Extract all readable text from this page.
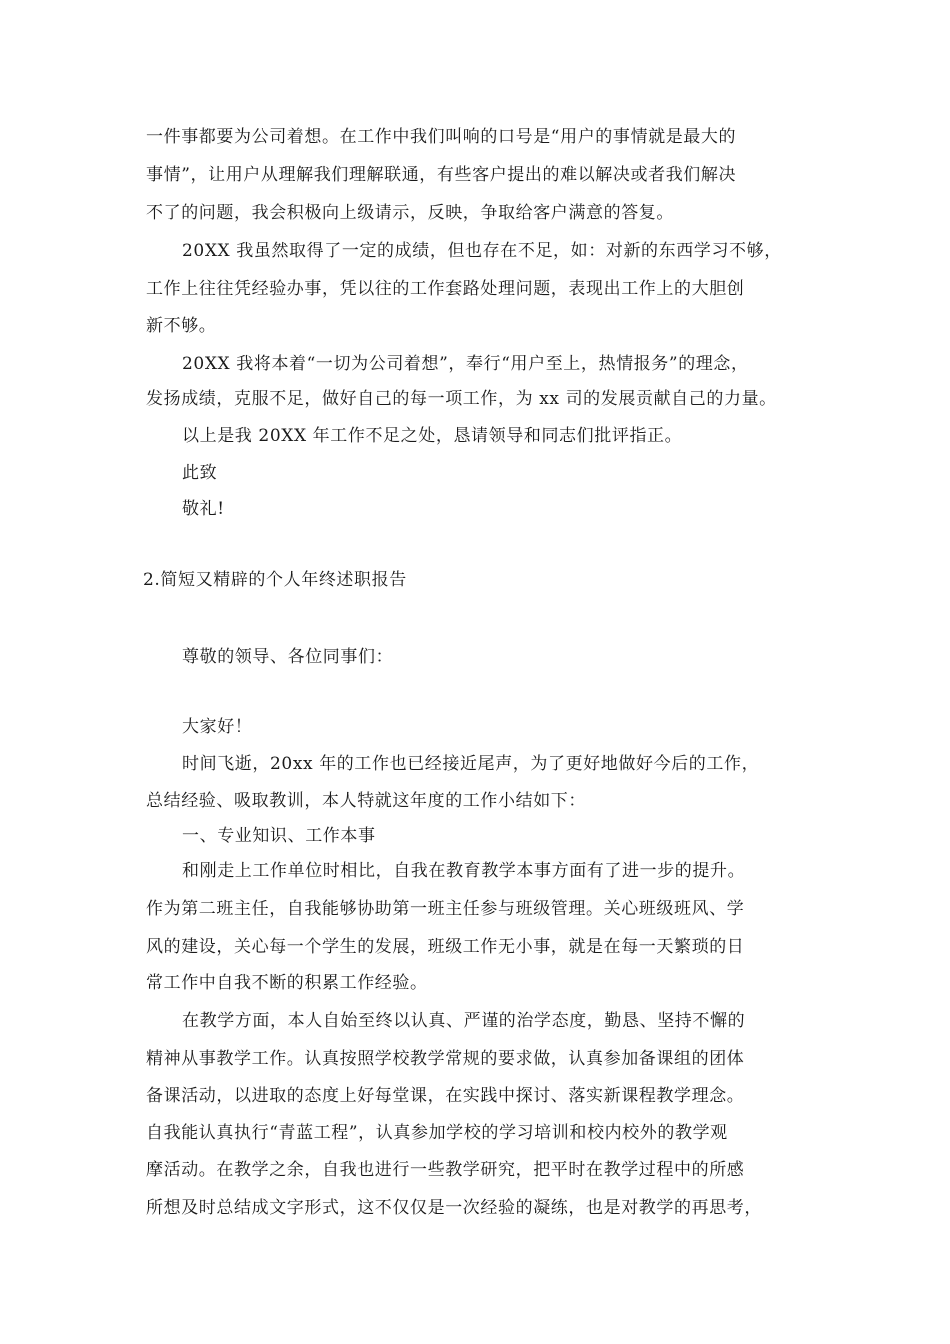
一件事都要为公司着想。在工作中我们叫响的口号是“用户的事情就是最大的
事情”，让用户从理解我们理解联通，有些客户提出的难以解决或者我们解决
不了的问题，我会积极向上级请示，反映，争取给客户满意的答复。
20XX 我虽然取得了一定的成绩，但也存在不足，如：对新的东西学习不够，
工作上往往凭经验办事，凭以往的工作套路处理问题，表现出工作上的大胆创
新不够。
20XX 我将本着“一切为公司着想”，奉行“用户至上，热情报务”的理念，
发扬成绩，克服不足，做好自己的每一项工作，为 xx 司的发展贡献自己的力量。
以上是我 20XX 年工作不足之处，恳请领导和同志们批评指正。
此致
敬礼!
2.简短又精辟的个人年终述职报告
尊敬的领导、各位同事们：
大家好！
时间飞逝，20xx 年的工作也已经接近尾声，为了更好地做好今后的工作，
总结经验、吸取教训，本人特就这年度的工作小结如下：
一、专业知识、工作本事
和刚走上工作单位时相比，自我在教育教学本事方面有了进一步的提升。
作为第二班主任，自我能够协助第一班主任参与班级管理。关心班级班风、学
风的建设，关心每一个学生的发展，班级工作无小事，就是在每一天繁琐的日
常工作中自我不断的积累工作经验。
在教学方面，本人自始至终以认真、严谨的治学态度，勤恳、坚持不懈的
精神从事教学工作。认真按照学校教学常规的要求做，认真参加备课组的团体
备课活动，以进取的态度上好每堂课，在实践中探讨、落实新课程教学理念。
自我能认真执行“青蓝工程”，认真参加学校的学习培训和校内校外的教学观
摩活动。在教学之余，自我也进行一些教学研究，把平时在教学过程中的所感
所想及时总结成文字形式，这不仅仅是一次经验的凝练，也是对教学的再思考，
